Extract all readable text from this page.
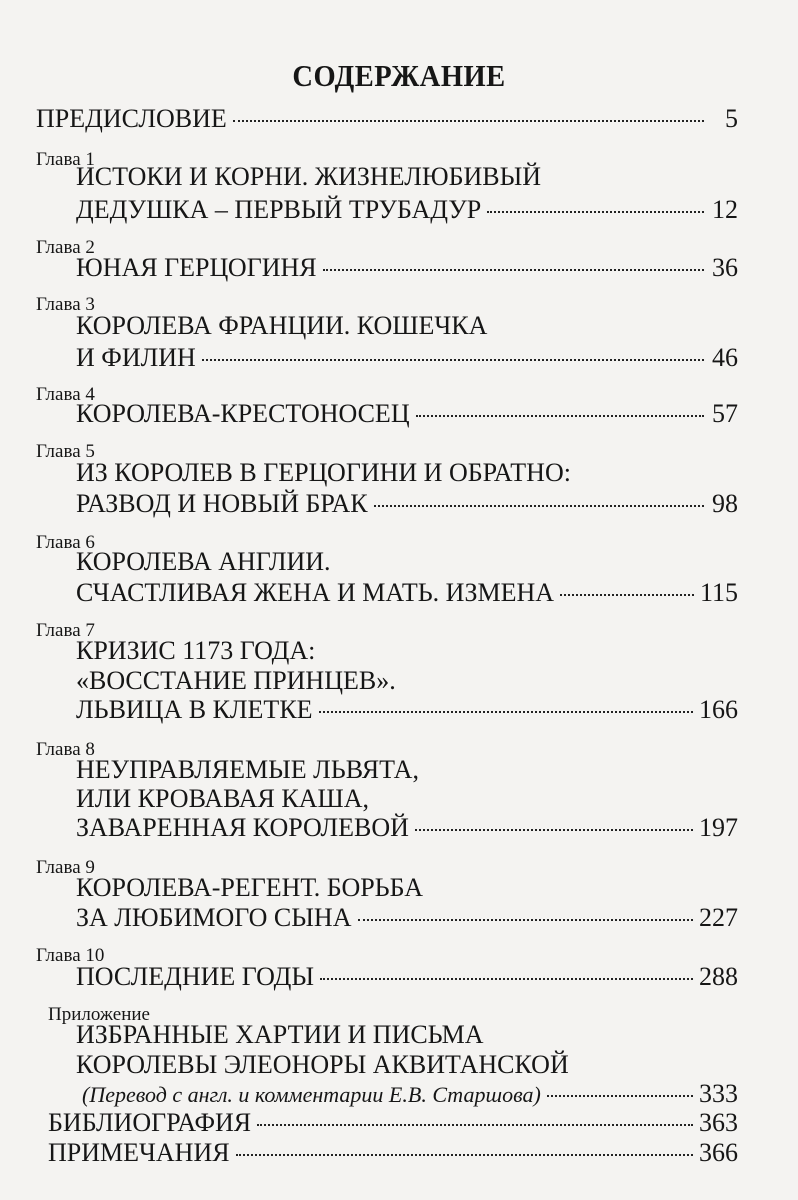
СОДЕРЖАНИЕ
ПРЕДИСЛОВИЕ	5
Глава 1
ИСТОКИ И КОРНИ. ЖИЗНЕЛЮБИВЫЙ
ДЕДУШКА – ПЕРВЫЙ ТРУБАДУР	12
Глава 2
ЮНАЯ ГЕРЦОГИНЯ	36
Глава 3
КОРОЛЕВА ФРАНЦИИ. КОШЕЧКА
И ФИЛИН	46
Глава 4
КОРОЛЕВА-КРЕСТОНОСЕЦ	57
Глава 5
ИЗ КОРОЛЕВ В ГЕРЦОГИНИ И ОБРАТНО:
РАЗВОД И НОВЫЙ БРАК	98
Глава 6
КОРОЛЕВА АНГЛИИ.
СЧАСТЛИВАЯ ЖЕНА И МАТЬ. ИЗМЕНА	115
Глава 7
КРИЗИС 1173 ГОДА:
«ВОССТАНИЕ ПРИНЦЕВ».
ЛЬВИЦА В КЛЕТКЕ	166
Глава 8
НЕУПРАВЛЯЕМЫЕ ЛЬВЯТА,
ИЛИ КРОВАВАЯ КАША,
ЗАВАРЕННАЯ КОРОЛЕВОЙ	197
Глава 9
КОРОЛЕВА-РЕГЕНТ. БОРЬБА
ЗА ЛЮБИМОГО СЫНА	227
Глава 10
ПОСЛЕДНИЕ ГОДЫ	288
Приложение
ИЗБРАННЫЕ ХАРТИИ И ПИСЬМА
КОРОЛЕВЫ ЭЛЕОНОРЫ АКВИТАНСКОЙ
(Перевод с англ. и комментарии Е.В. Старшова)	333
БИБЛИОГРАФИЯ	363
ПРИМЕЧАНИЯ	366
